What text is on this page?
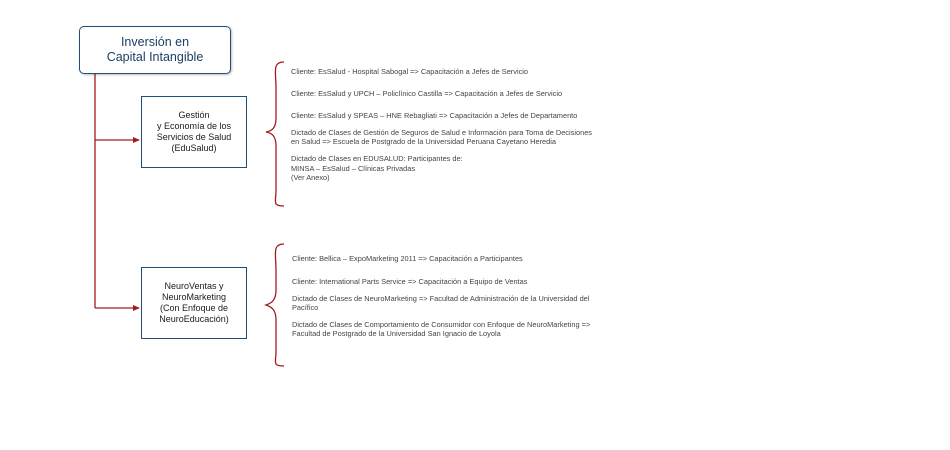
Inversión en
Capital Intangible
Gestión
y Economía de los
Servicios de Salud
(EduSalud)
NeuroVentas y
NeuroMarketing
(Con Enfoque de
NeuroEducación)

Cliente: EsSalud - Hospital Sabogal => Capacitación a Jefes de Servicio

Cliente: EsSalud y UPCH – Policlínico Castilla => Capacitación a Jefes de Servicio

Cliente: EsSalud y SPEAS – HNE Rebagliati => Capacitación a Jefes de Departamento

Dictado de Clases de Gestión de Seguros de Salud e Información para Toma de Decisiones
en Salud => Escuela de Postgrado de la Universidad Peruana Cayetano Heredia

Dictado de Clases en EDUSALUD: Participantes de:
MINSA – EsSalud – Clínicas Privadas
(Ver Anexo)

Cliente: Bellica – ExpoMarketing 2011 => Capacitación a Participantes

Cliente: International Parts Service => Capacitación a Equipo de Ventas

Dictado de Clases de NeuroMarketing => Facultad de Administración de la Universidad del
Pacífico

Dictado de Clases de Comportamiento de Consumidor con Enfoque de NeuroMarketing =>
Facultad de Postgrado de la Universidad San Ignacio de Loyola
